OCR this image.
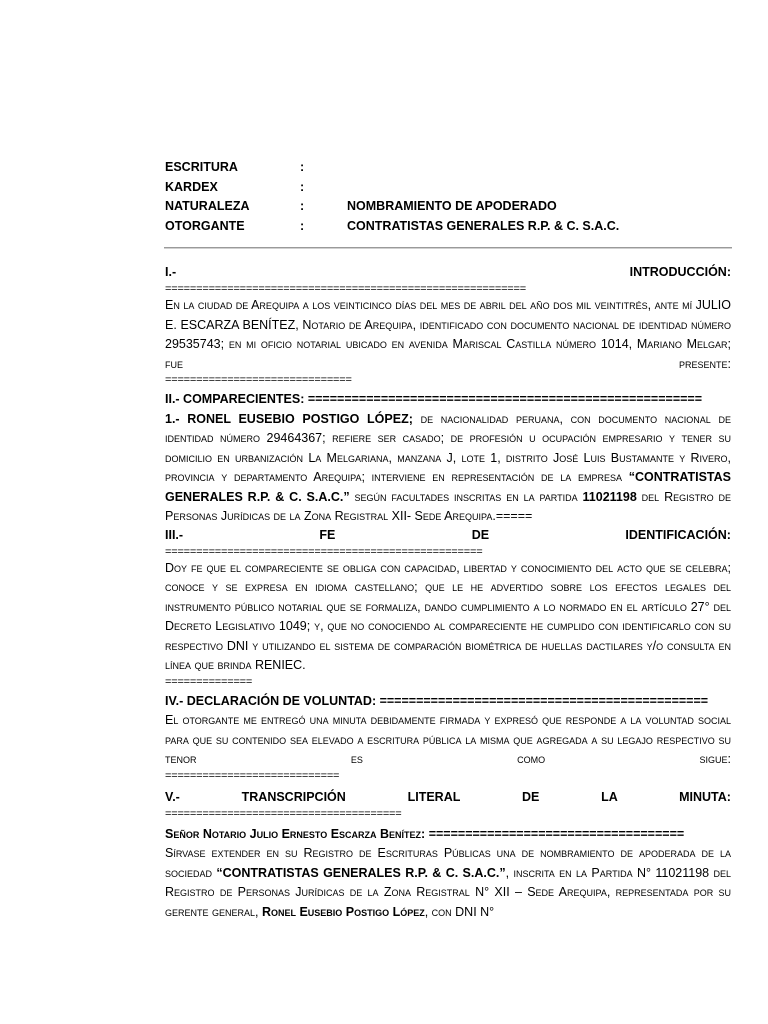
ESCRITURA	:
KARDEX	:
NATURALEZA	:	NOMBRAMIENTO DE APODERADO
OTORGANTE	:	CONTRATISTAS GENERALES R.P. & C. S.A.C.
I.-	INTRODUCCIÓN:
==========================================================

En la ciudad de Arequipa a los veinticinco días del mes de abril del año dos mil veintitrés, ante mí JULIO E. ESCARZA BENÍTEZ, Notario de Arequipa, identificado con documento nacional de identidad número 29535743; en mi oficio notarial ubicado en avenida Mariscal Castilla número 1014, Mariano Melgar; fue presente:

==============================
II.- COMPARECIENTES: ======================================================

1.- RONEL EUSEBIO POSTIGO LÓPEZ; de nacionalidad peruana, con documento nacional de identidad número 29464367; refiere ser casado; de profesión u ocupación empresario y tener su domicilio en urbanización La Melgariana, manzana J, lote 1, distrito José Luis Bustamante y Rivero, provincia y departamento Arequipa; interviene en representación de la empresa “CONTRATISTAS GENERALES R.P. & C. S.A.C.” según facultades inscritas en la partida 11021198 del Registro de Personas Jurídicas de la Zona Registral XII- Sede Arequipa.=====

III.-	FE	DE	IDENTIFICACIÓN:
===================================================

Doy fe que el compareciente se obliga con capacidad, libertad y conocimiento del acto que se celebra; conoce y se expresa en idioma castellano; que le he advertido sobre los efectos legales del instrumento público notarial que se formaliza, dando cumplimiento a lo normado en el artículo 27° del Decreto Legislativo 1049; y, que no conociendo al compareciente he cumplido con identificarlo con su respectivo DNI y utilizando el sistema de comparación biométrica de huellas dactilares y/o consulta en línea que brinda RENIEC.

==============
IV.- DECLARACIÓN DE VOLUNTAD: =============================================

El otorgante me entregó una minuta debidamente firmada y expresó que responde a la voluntad social para que su contenido sea elevado a escritura pública la misma que agregada a su legajo respectivo su tenor es como sigue:

============================
V.-	TRANSCRIPCIÓN	LITERAL	DE	LA	MINUTA:
======================================
Señor Notario Julio Ernesto Escarza Benítez: ===================================

Sírvase extender en su Registro de Escrituras Públicas una de nombramiento de apoderada de la sociedad “CONTRATISTAS GENERALES R.P. & C. S.A.C.”, inscrita en la Partida N° 11021198 del Registro de Personas Jurídicas de la Zona Registral N° XII – Sede Arequipa, representada por su gerente general, Ronel Eusebio Postigo López, con DNI N°
